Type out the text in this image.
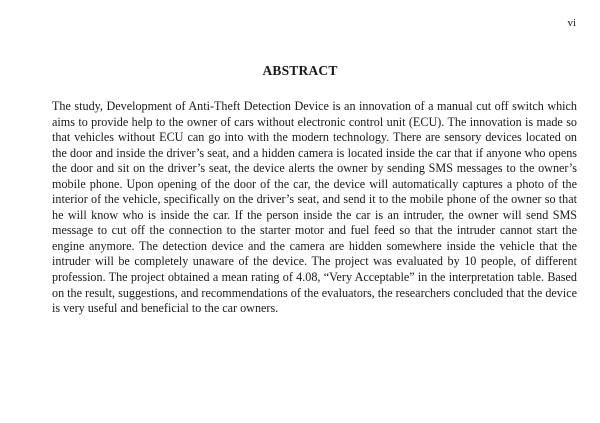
vi
ABSTRACT

The study, Development of Anti-Theft Detection Device is an innovation of a manual cut off switch which aims to provide help to the owner of cars without electronic control unit (ECU). The innovation is made so that vehicles without ECU can go into with the modern technology. There are sensory devices located on the door and inside the driver’s seat, and a hidden camera is located inside the car that if anyone who opens the door and sit on the driver’s seat, the device alerts the owner by sending SMS messages to the owner’s mobile phone. Upon opening of the door of the car, the device will automatically captures a photo of the interior of the vehicle, specifically on the driver’s seat, and send it to the mobile phone of the owner so that he will know who is inside the car. If the person inside the car is an intruder, the owner will send SMS message to cut off the connection to the starter motor and fuel feed so that the intruder cannot start the engine anymore. The detection device and the camera are hidden somewhere inside the vehicle that the intruder will be completely unaware of the device. The project was evaluated by 10 people, of different profession. The project obtained a mean rating of 4.08, “Very Acceptable” in the interpretation table. Based on the result, suggestions, and recommendations of the evaluators, the researchers concluded that the device is very useful and beneficial to the car owners.
